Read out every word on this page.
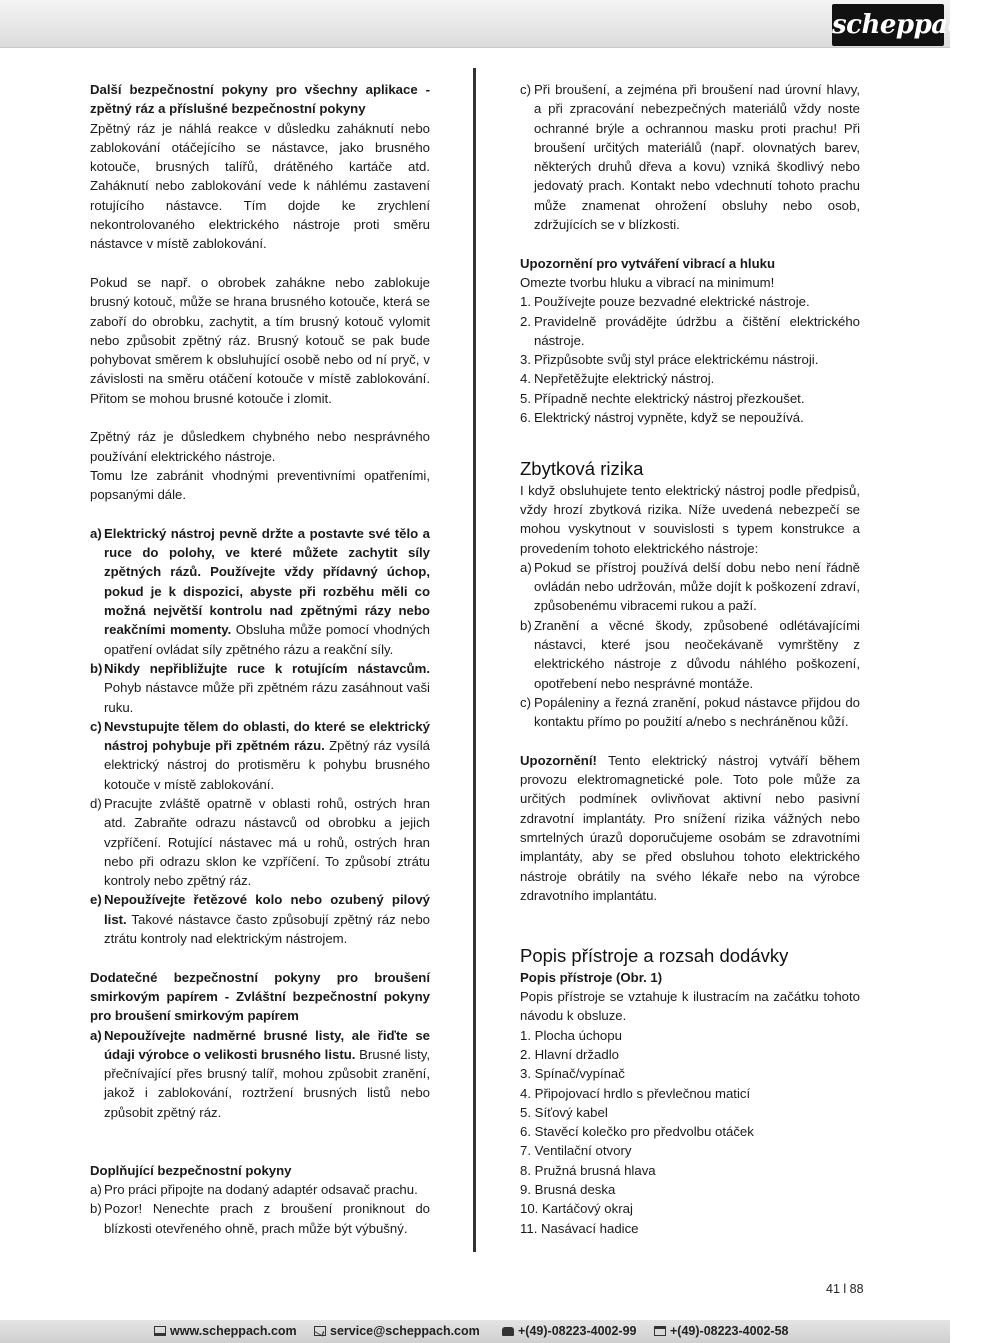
scheppach

Další bezpečnostní pokyny pro všechny aplikace - zpětný ráz a příslušné bezpečnostní pokyny

Zpětný ráz je náhlá reakce v důsledku zaháknutí nebo zablokování otáčejícího se nástavce, jako brusného kotouče, brusných talířů, drátěného kartáče atd. Zaháknutí nebo zablokování vede k náhlému zastavení rotujícího nástavce. Tím dojde ke zrychlení nekontrolovaného elektrického nástroje proti směru nástavce v místě zablokování.

Pokud se např. o obrobek zahákne nebo zablokuje brusný kotouč, může se hrana brusného kotouče, která se zaboří do obrobku, zachytit, a tím brusný kotouč vylomit nebo způsobit zpětný ráz. Brusný kotouč se pak bude pohybovat směrem k obsluhující osobě nebo od ní pryč, v závislosti na směru otáčení kotouče v místě zablokování. Přitom se mohou brusné kotouče i zlomit.

Zpětný ráz je důsledkem chybného nebo nesprávného používání elektrického nástroje.

Tomu lze zabránit vhodnými preventivními opatřeními, popsanými dále.

a) Elektrický nástroj pevně držte a postavte své tělo a ruce do polohy, ve které můžete zachytit síly zpětných rázů. Používejte vždy přídavný úchop, pokud je k dispozici, abyste při rozběhu měli co možná největší kontrolu nad zpětnými rázy nebo reakčními momenty. Obsluha může pomocí vhodných opatření ovládat síly zpětného rázu a reakční síly.
b) Nikdy nepřibližujte ruce k rotujícím nástavcům. Pohyb nástavce může při zpětném rázu zasáhnout vaši ruku.
c) Nevstupujte tělem do oblasti, do které se elektrický nástroj pohybuje při zpětném rázu. Zpětný ráz vysílá elektrický nástroj do protisměru k pohybu brusného kotouče v místě zablokování.
d) Pracujte zvláště opatrně v oblasti rohů, ostrých hran atd. Zabraňte odrazu nástavců od obrobku a jejich vzpříčení. Rotující nástavec má u rohů, ostrých hran nebo při odrazu sklon ke vzpříčení. To způsobí ztrátu kontroly nebo zpětný ráz.
e) Nepoužívejte řetězové kolo nebo ozubený pilový list. Takové nástavce často způsobují zpětný ráz nebo ztrátu kontroly nad elektrickým nástrojem.

Dodatečné bezpečnostní pokyny pro broušení smirkovým papírem - Zvláštní bezpečnostní pokyny pro broušení smirkovým papírem

a) Nepoužívejte nadměrné brusné listy, ale řiďte se údaji výrobce o velikosti brusného listu. Brusné listy, přečnívající přes brusný talíř, mohou způsobit zranění, jakož i zablokování, roztržení brusných listů nebo způsobit zpětný ráz.

Doplňující bezpečnostní pokyny

a) Pro práci připojte na dodaný adaptér odsavač prachu.
b) Pozor! Nenechte prach z broušení proniknout do blízkosti otevřeného ohně, prach může být výbušný.
c) Při broušení, a zejména při broušení nad úrovní hlavy, a při zpracování nebezpečných materiálů vždy noste ochranné brýle a ochrannou masku proti prachu! Při broušení určitých materiálů (např. olovnatých barev, některých druhů dřeva a kovu) vzniká škodlivý nebo jedovatý prach. Kontakt nebo vdechnutí tohoto prachu může znamenat ohrožení obsluhy nebo osob, zdržujících se v blízkosti.

Upozornění pro vytváření vibrací a hluku

Omezte tvorbu hluku a vibrací na minimum!

1. Používejte pouze bezvadné elektrické nástroje.
2. Pravidelně provádějte údržbu a čištění elektrického nástroje.
3. Přizpůsobte svůj styl práce elektrickému nástroji.
4. Nepřetěžujte elektrický nástroj.
5. Případně nechte elektrický nástroj přezkoušet.
6. Elektrický nástroj vypněte, když se nepoužívá.
Zbytková rizika

I když obsluhujete tento elektrický nástroj podle předpisů, vždy hrozí zbytková rizika. Níže uvedená nebezpečí se mohou vyskytnout v souvislosti s typem konstrukce a provedením tohoto elektrického nástroje:

a) Pokud se přístroj používá delší dobu nebo není řádně ovládán nebo udržován, může dojít k poškození zdraví, způsobenému vibracemi rukou a paží.
b) Zranění a věcné škody, způsobené odlétávajícími nástavci, které jsou neočekávaně vymrštěny z elektrického nástroje z důvodu náhlého poškození, opotřebení nebo nesprávné montáže.
c) Popáleniny a řezná zranění, pokud nástavce přijdou do kontaktu přímo po použití a/nebo s nechráněnou kůží.

Upozornění! Tento elektrický nástroj vytváří během provozu elektromagnetické pole. Toto pole může za určitých podmínek ovlivňovat aktivní nebo pasivní zdravotní implantáty. Pro snížení rizika vážných nebo smrtelných úrazů doporučujeme osobám se zdravotními implantáty, aby se před obsluhou tohoto elektrického nástroje obrátily na svého lékaře nebo na výrobce zdravotního implantátu.

Popis přístroje a rozsah dodávky

Popis přístroje (Obr. 1)

Popis přístroje se vztahuje k ilustracím na začátku tohoto návodu k obsluze.

1. Plocha úchopu

2. Hlavní držadlo

3. Spínač/vypínač

4. Připojovací hrdlo s převlečnou maticí

5. Síťový kabel

6. Stavěcí kolečko pro předvolbu otáček

7. Ventilační otvory

8. Pružná brusná hlava

9. Brusná deska

10. Kartáčový okraj

11. Nasávací hadice

41 l 88
www.scheppach.com	service@scheppach.com	+(49)-08223-4002-99	+(49)-08223-4002-58
